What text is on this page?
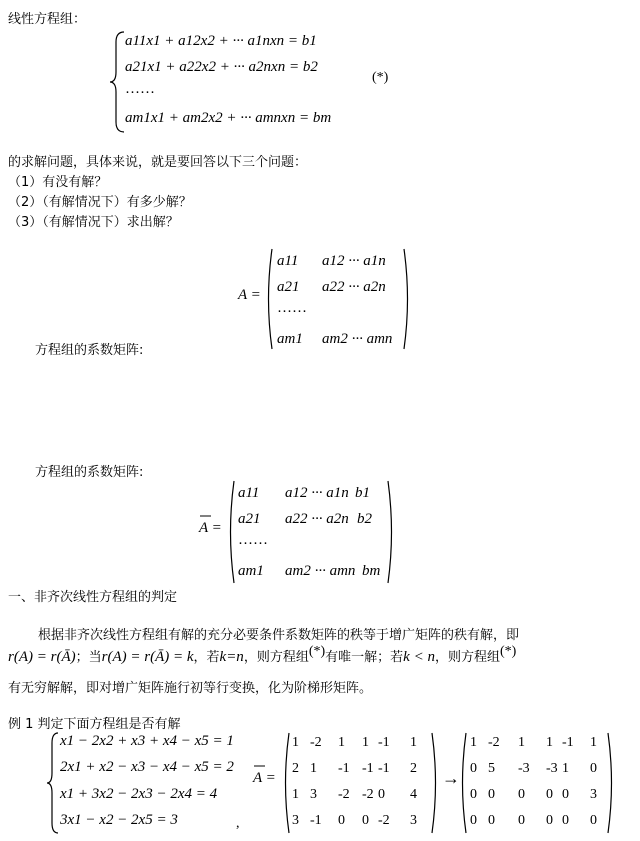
线性方程组：
a11x1 + a12x2 + ··· a1nxn = b1
a21x1 + a22x2 + ··· a2nxn = b2
······
am1x1 + am2x2 + ··· amnxn = bm
(*)
的求解问题，具体来说，就是要回答以下三个问题：
（1）有没有解？
（2）（有解情况下）有多少解？
（3）（有解情况下）求出解？
方程组的系数矩阵:
A =
a11 a12 ··· a1n
a21 a22 ··· a2n
······
am1 am2 ··· amn
方程组的系数矩阵:
A =
a11 a12 ··· a1n b1
a21 a22 ··· a2n b2
······
am1 am2 ··· amn bm
一、非齐次线性方程组的判定
根据非齐次线性方程组有解的充分必要条件系数矩阵的秩等于增广矩阵的秩有解，即
r(A) = r(Ā) ；当 r(A) = r(Ā) = k ，若 k=n ，则方程组 (*) 有唯一解；若 k < n ，则方程组 (*)
有无穷解解，即对增广矩阵施行初等行变换，化为阶梯形矩阵。
例 1 判定下面方程组是否有解
x1 − 2x2 + x3 + x4 − x5 = 1
2x1 + x2 − x3 − x4 − x5 = 2
x1 + 3x2 − 2x3 − 2x4 = 4
3x1 − x2 − 2x5 = 3	,
A =
1 -2 1 1 -1 1
2 1 -1 -1 -1 2
1 3 -2 -2 0 4
3 -1 0 0 -2 3
→
1 -2 1 1 -1 1
0 5 -3 -3 1 0
0 0 0 0 0 3
0 0 0 0 0 0
